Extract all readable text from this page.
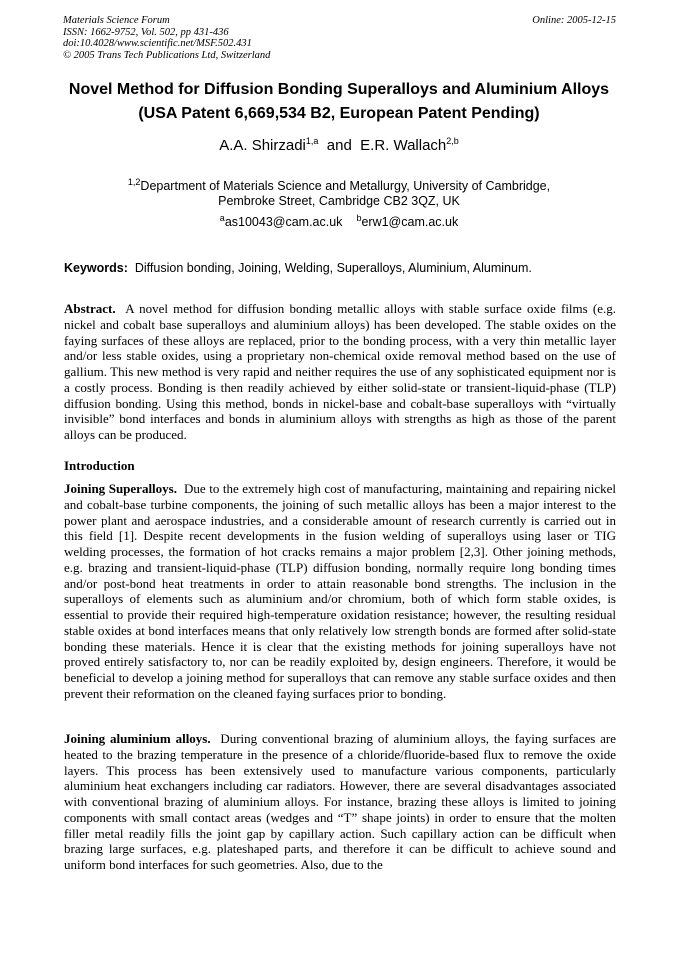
Materials Science Forum
ISSN: 1662-9752, Vol. 502, pp 431-436
doi:10.4028/www.scientific.net/MSF.502.431
© 2005 Trans Tech Publications Ltd, Switzerland
Online: 2005-12-15
Novel Method for Diffusion Bonding Superalloys and Aluminium Alloys
(USA Patent 6,669,534 B2, European Patent Pending)
A.A. Shirzadi$^{1,a}$ and E.R. Wallach$^{2,b}$
$^{1,2}$Department of Materials Science and Metallurgy, University of Cambridge,
Pembroke Street, Cambridge CB2 3QZ, UK
$^a$as10043@cam.ac.uk $^b$erw1@cam.ac.uk
Keywords: Diffusion bonding, Joining, Welding, Superalloys, Aluminium, Aluminum.

Abstract. A novel method for diffusion bonding metallic alloys with stable surface oxide films (e.g. nickel and cobalt base superalloys and aluminium alloys) has been developed. The stable oxides on the faying surfaces of these alloys are replaced, prior to the bonding process, with a very thin metallic layer and/or less stable oxides, using a proprietary non-chemical oxide removal method based on the use of gallium. This new method is very rapid and neither requires the use of any sophisticated equipment nor is a costly process. Bonding is then readily achieved by either solid-state or transient-liquid-phase (TLP) diffusion bonding. Using this method, bonds in nickel-base and cobalt-base superalloys with “virtually invisible” bond interfaces and bonds in aluminium alloys with strengths as high as those of the parent alloys can be produced.

Introduction

Joining Superalloys. Due to the extremely high cost of manufacturing, maintaining and repairing nickel and cobalt-base turbine components, the joining of such metallic alloys has been a major interest to the power plant and aerospace industries, and a considerable amount of research currently is carried out in this field [1]. Despite recent developments in the fusion welding of superalloys using laser or TIG welding processes, the formation of hot cracks remains a major problem [2,3]. Other joining methods, e.g. brazing and transient-liquid-phase (TLP) diffusion bonding, normally require long bonding times and/or post-bond heat treatments in order to attain reasonable bond strengths. The inclusion in the superalloys of elements such as aluminium and/or chromium, both of which form stable oxides, is essential to provide their required high-temperature oxidation resistance; however, the resulting residual stable oxides at bond interfaces means that only relatively low strength bonds are formed after solid-state bonding these materials. Hence it is clear that the existing methods for joining superalloys have not proved entirely satisfactory to, nor can be readily exploited by, design engineers. Therefore, it would be beneficial to develop a joining method for superalloys that can remove any stable surface oxides and then prevent their reformation on the cleaned faying surfaces prior to bonding.

Joining aluminium alloys. During conventional brazing of aluminium alloys, the faying surfaces are heated to the brazing temperature in the presence of a chloride/fluoride-based flux to remove the oxide layers. This process has been extensively used to manufacture various components, particularly aluminium heat exchangers including car radiators. However, there are several disadvantages associated with conventional brazing of aluminium alloys. For instance, brazing these alloys is limited to joining components with small contact areas (wedges and “T” shape joints) in order to ensure that the molten filler metal readily fills the joint gap by capillary action. Such capillary action can be difficult when brazing large surfaces, e.g. plateshaped parts, and therefore it can be difficult to achieve sound and uniform bond interfaces for such geometries. Also, due to the
